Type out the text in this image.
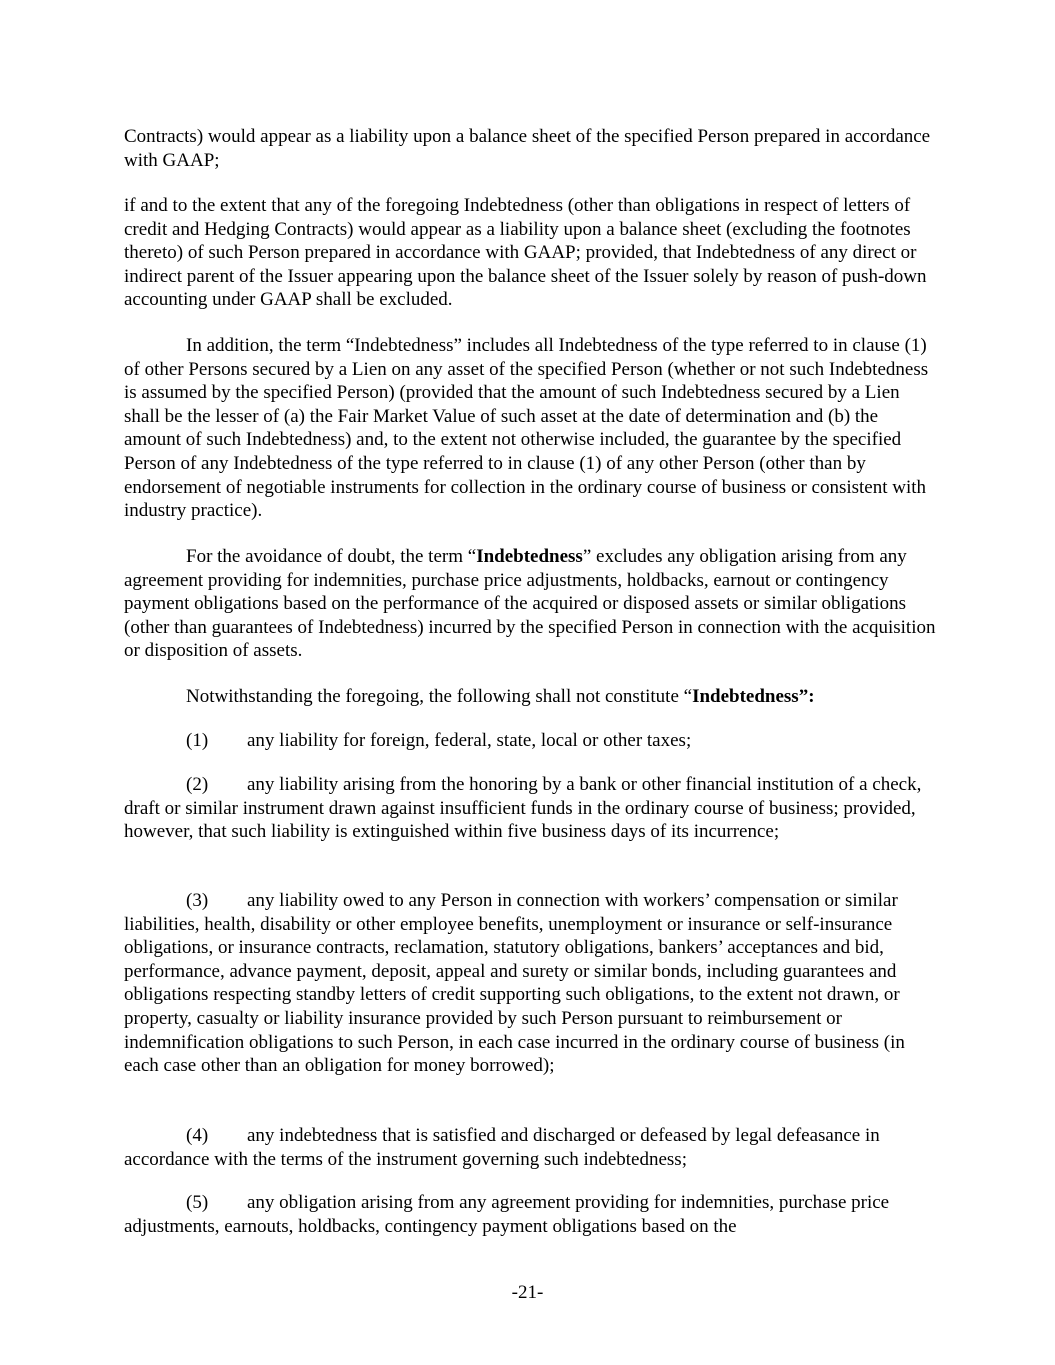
Contracts) would appear as a liability upon a balance sheet of the specified Person prepared in accordance with GAAP;

if and to the extent that any of the foregoing Indebtedness (other than obligations in respect of letters of credit and Hedging Contracts) would appear as a liability upon a balance sheet (excluding the footnotes thereto) of such Person prepared in accordance with GAAP; provided, that Indebtedness of any direct or indirect parent of the Issuer appearing upon the balance sheet of the Issuer solely by reason of push-down accounting under GAAP shall be excluded.

In addition, the term “Indebtedness” includes all Indebtedness of the type referred to in clause (1) of other Persons secured by a Lien on any asset of the specified Person (whether or not such Indebtedness is assumed by the specified Person) (provided that the amount of such Indebtedness secured by a Lien shall be the lesser of (a) the Fair Market Value of such asset at the date of determination and (b) the amount of such Indebtedness) and, to the extent not otherwise included, the guarantee by the specified Person of any Indebtedness of the type referred to in clause (1) of any other Person (other than by endorsement of negotiable instruments for collection in the ordinary course of business or consistent with industry practice).

For the avoidance of doubt, the term “Indebtedness” excludes any obligation arising from any agreement providing for indemnities, purchase price adjustments, holdbacks, earnout or contingency payment obligations based on the performance of the acquired or disposed assets or similar obligations (other than guarantees of Indebtedness) incurred by the specified Person in connection with the acquisition or disposition of assets.

Notwithstanding the foregoing, the following shall not constitute “Indebtedness”:

(1) any liability for foreign, federal, state, local or other taxes;

(2) any liability arising from the honoring by a bank or other financial institution of a check, draft or similar instrument drawn against insufficient funds in the ordinary course of business; provided, however, that such liability is extinguished within five business days of its incurrence;

(3) any liability owed to any Person in connection with workers’ compensation or similar liabilities, health, disability or other employee benefits, unemployment or insurance or self-insurance obligations, or insurance contracts, reclamation, statutory obligations, bankers’ acceptances and bid, performance, advance payment, deposit, appeal and surety or similar bonds, including guarantees and obligations respecting standby letters of credit supporting such obligations, to the extent not drawn, or property, casualty or liability insurance provided by such Person pursuant to reimbursement or indemnification obligations to such Person, in each case incurred in the ordinary course of business (in each case other than an obligation for money borrowed);

(4) any indebtedness that is satisfied and discharged or defeased by legal defeasance in accordance with the terms of the instrument governing such indebtedness;

(5) any obligation arising from any agreement providing for indemnities, purchase price adjustments, earnouts, holdbacks, contingency payment obligations based on the

-21-
